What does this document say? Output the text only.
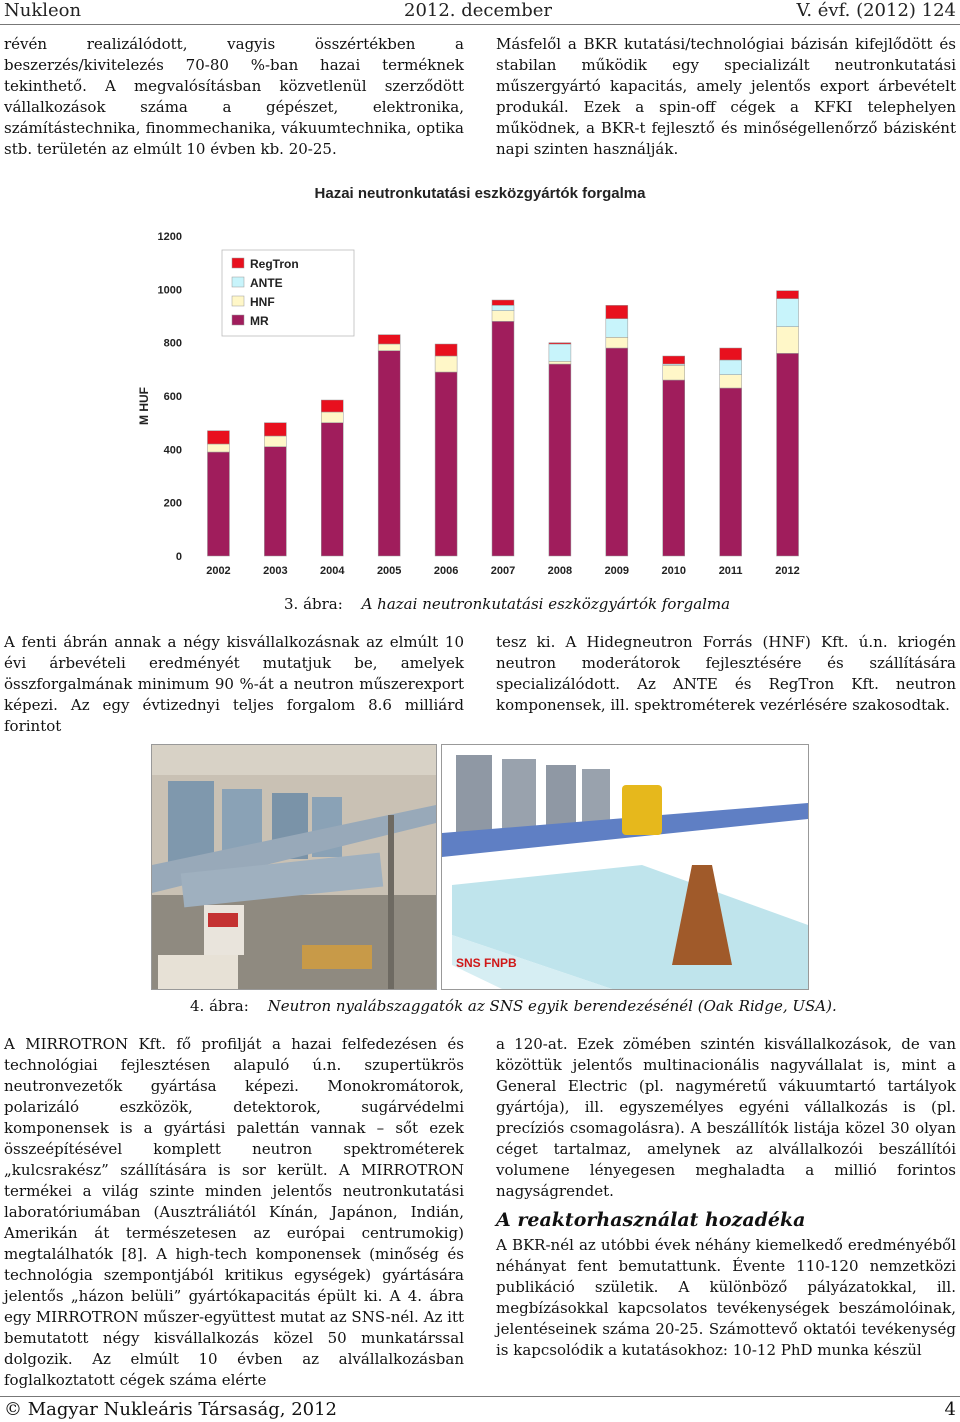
Nukleon	2012. december	V. évf. (2012) 124

révén realizálódott, vagyis összértékben a beszerzés/kivitelezés 70-80 %-ban hazai terméknek tekinthető. A megvalósításban közvetlenül szerződött vállalkozások száma a gépészet, elektronika, számítástechnika, finommechanika, vákuumtechnika, optika stb. területén az elmúlt 10 évben kb. 20-25.

Másfelől a BKR kutatási/technológiai bázisán kifejlődött és stabilan működik egy specializált neutronkutatási műszergyártó kapacitás, amely jelentős export árbevételt produkál. Ezek a spin-off cégek a KFKI telephelyen működnek, a BKR-t fejlesztő és minőségellenőrző bázisként napi szinten használják.

Hazai neutronkutatási eszközgyártók forgalma
0
200
400
600
800
1000
1200
M HUF
2002	2003	2004	2005	2006	2007	2008	2009	2010	2011	2012
RegTron
ANTE
HNF
MR
3. ábra: A hazai neutronkutatási eszközgyártók forgalma

A fenti ábrán annak a négy kisvállalkozásnak az elmúlt 10 évi árbevételi eredményét mutatjuk be, amelyek összforgalmának minimum 90 %-át a neutron műszerexport képezi. Az egy évtizednyi teljes forgalom 8.6 milliárd forintot

tesz ki. A Hidegneutron Forrás (HNF) Kft. ú.n. kriogén neutron moderátorok fejlesztésére és szállítására specializálódott. Az ANTE és RegTron Kft. neutron komponensek, ill. spektrométerek vezérlésére szakosodtak.

SNS FNPB
4. ábra: Neutron nyalábszaggatók az SNS egyik berendezésénél (Oak Ridge, USA).

A MIRROTRON Kft. fő profilját a hazai felfedezésen és technológiai fejlesztésen alapuló ú.n. szupertükrös neutronvezetők gyártása képezi. Monokromátorok, polarizáló eszközök, detektorok, sugárvédelmi komponensek is a gyártási palettán vannak – sőt ezek összeépítésével komplett neutron spektrométerek „kulcsrakész” szállítására is sor került. A MIRROTRON termékei a világ szinte minden jelentős neutronkutatási laboratóriumában (Ausztráliától Kínán, Japánon, Indián, Amerikán át természetesen az európai centrumokig) megtalálhatók [8]. A high-tech komponensek (minőség és technológia szempontjából kritikus egységek) gyártására jelentős „házon belüli” gyártókapacitás épült ki. A 4. ábra egy MIRROTRON műszer-együttest mutat az SNS-nél. Az itt bemutatott négy kisvállalkozás közel 50 munkatárssal dolgozik. Az elmúlt 10 évben az alvállalkozásban foglalkoztatott cégek száma elérte

a 120-at. Ezek zömében szintén kisvállalkozások, de van közöttük jelentős multinacionális nagyvállalat is, mint a General Electric (pl. nagyméretű vákuumtartó tartályok gyártója), ill. egyszemélyes egyéni vállalkozás is (pl. precíziós csomagolásra). A beszállítók listája közel 30 olyan céget tartalmaz, amelynek az alvállalkozói beszállítói volumene lényegesen meghaladta a millió forintos nagyságrendet.

A reaktorhasználat hozadéka

A BKR-nél az utóbbi évek néhány kiemelkedő eredményéből néhányat fent bemutattunk. Évente 110-120 nemzetközi publikáció születik. A különböző pályázatokkal, ill. megbízásokkal kapcsolatos tevékenységek beszámolóinak, jelentéseinek száma 20-25. Számottevő oktatói tevékenység is kapcsolódik a kutatásokhoz: 10-12 PhD munka készül

© Magyar Nukleáris Társaság, 2012	4
